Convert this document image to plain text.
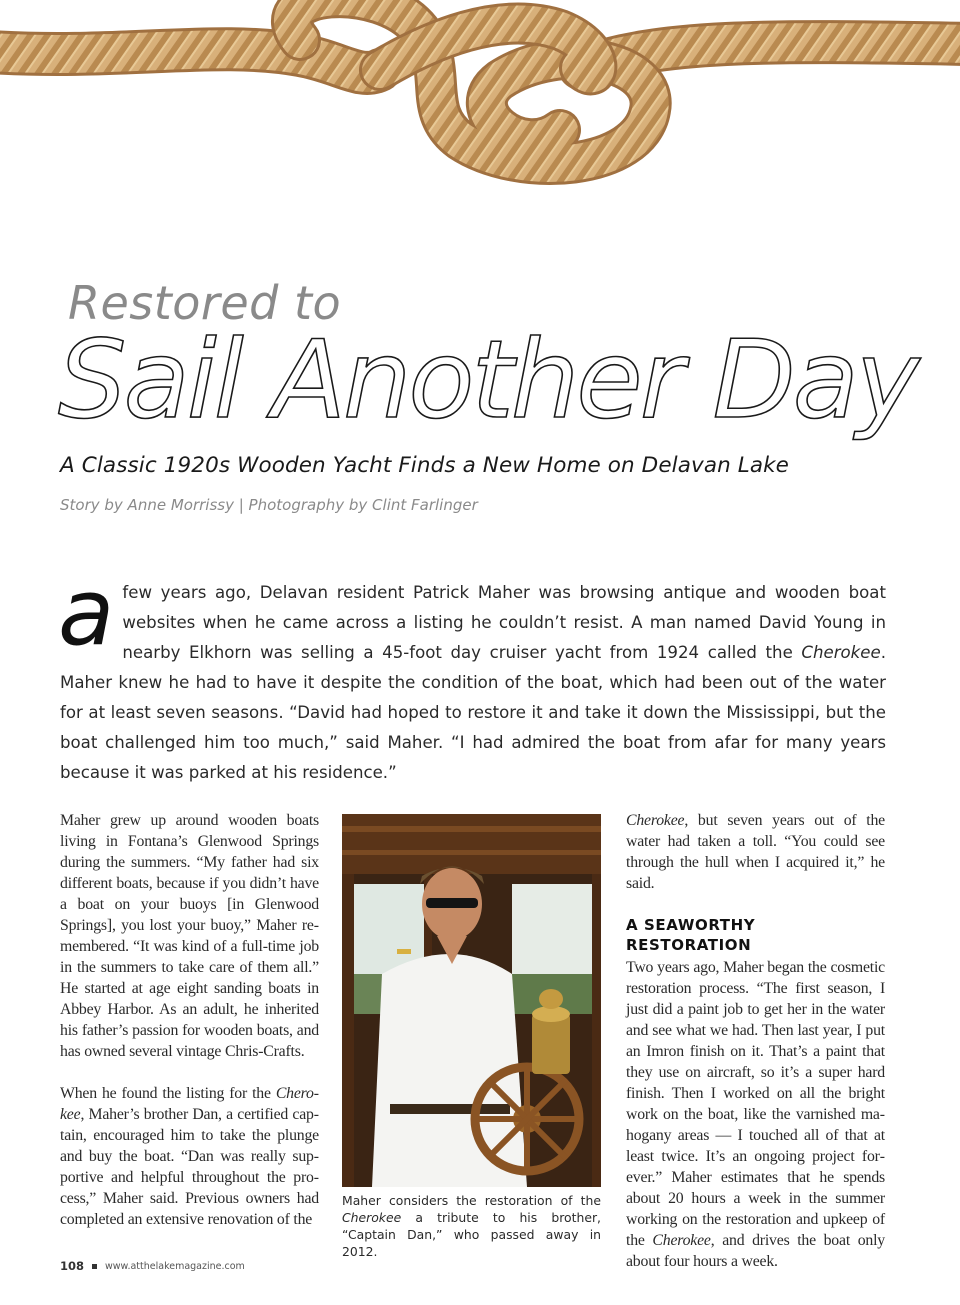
Restored to
Sail Another Day
A Classic 1920s Wooden Yacht Finds a New Home on Delavan Lake
Story by Anne Morrissy | Photography by Clint Farlinger
afew years ago, Delavan resident Patrick Maher was browsing antique and wooden boat websites when he came across a listing he couldn’t resist. A man named David Young in nearby Elkhorn was selling a 45-foot day cruiser yacht from 1924 called the Cherokee. Maher knew he had to have it despite the condition of the boat, which had been out of the water for at least seven seasons. “David had hoped to restore it and take it down the Mississippi, but the boat challenged him too much,” said Maher. “I had admired the boat from afar for many years because it was parked at his residence.”

Maher grew up around wooden boats living in Fontana’s Glenwood Springs during the summers. “My father had six different boats, because if you didn’t have a boat on your buoys [in Glenwood Springs], you lost your buoy,” Maher remembered. “It was kind of a full-time job in the summers to take care of them all.” He started at age eight sanding boats in Abbey Harbor. As an adult, he inherited his father’s passion for wooden boats, and has owned several vintage Chris-Crafts.

When he found the listing for the Cherokee, Maher’s brother Dan, a certified captain, encouraged him to take the plunge and buy the boat. “Dan was really supportive and helpful throughout the process,” Maher said. Previous owners had completed an extensive renovation of the

Maher considers the restoration of the Cherokee a tribute to his brother, “Captain Dan,” who passed away in 2012.

Cherokee, but seven years out of the water had taken a toll. “You could see through the hull when I acquired it,” he said.

A SEAWORTHY RESTORATION

Two years ago, Maher began the cosmetic restoration process. “The first season, I just did a paint job to get her in the water and see what we had. Then last year, I put an Imron finish on it. That’s a paint that they use on aircraft, so it’s a super hard finish. Then I worked on all the bright work on the boat, like the varnished mahogany areas — I touched all of that at least twice. It’s an ongoing project forever.” Maher estimates that he spends about 20 hours a week in the summer working on the restoration and upkeep of the Cherokee, and drives the boat only about four hours a week.

108 www.atthelakemagazine.com
